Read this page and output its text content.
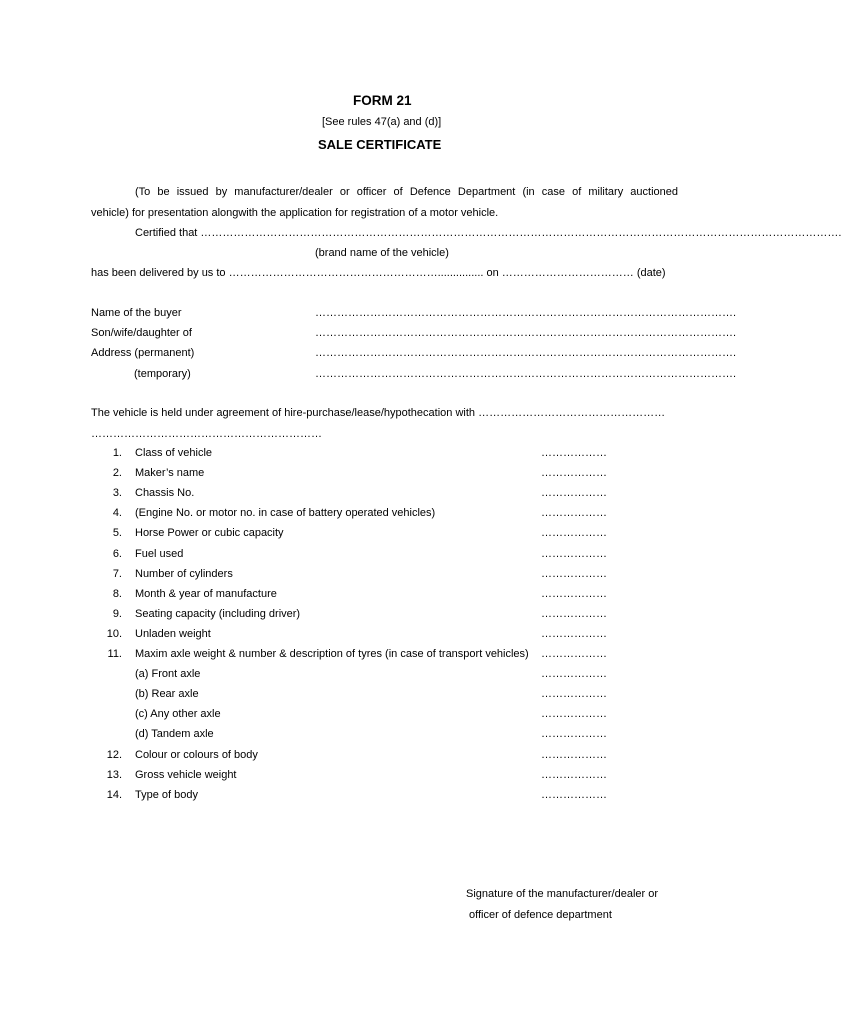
FORM 21
[See rules 47(a) and (d)]
SALE CERTIFICATE
(To be issued by manufacturer/dealer or officer of Defence Department (in case of military auctioned
vehicle) for presentation alongwith the application for registration of a motor vehicle.
Certified that ………………………………………………………………………………………………………………………………………………………….
(brand name of the vehicle)
has been delivered by us to …………………………………………………............... on ……………………………… (date)
Name of the buyer	…………………………………………………………………………………………………….
Son/wife/daughter of	…………………………………………………………………………………………………….
Address (permanent)	…………………………………………………………………………………………………….
(temporary)	…………………………………………………………………………………………………….
The vehicle is held under agreement of hire-purchase/lease/hypothecation with ……………………………………………
………………………………………………………
1. Class of vehicle	………………
2. Maker’s name	………………
3. Chassis No.	………………
4. (Engine No. or motor no. in case of battery operated vehicles)	………………
5. Horse Power or cubic capacity	………………
6. Fuel used	………………
7. Number of cylinders	………………
8. Month & year of manufacture	………………
9. Seating capacity (including driver)	………………
10. Unladen weight	………………
11. Maxim axle weight & number & description of tyres (in case of transport vehicles) ………………
(a) Front axle	………………
(b) Rear axle	………………
(c) Any other axle	………………
(d) Tandem axle	………………
12. Colour or colours of body	………………
13. Gross vehicle weight	………………
14. Type of body	………………
Signature of the manufacturer/dealer or
officer of defence department
